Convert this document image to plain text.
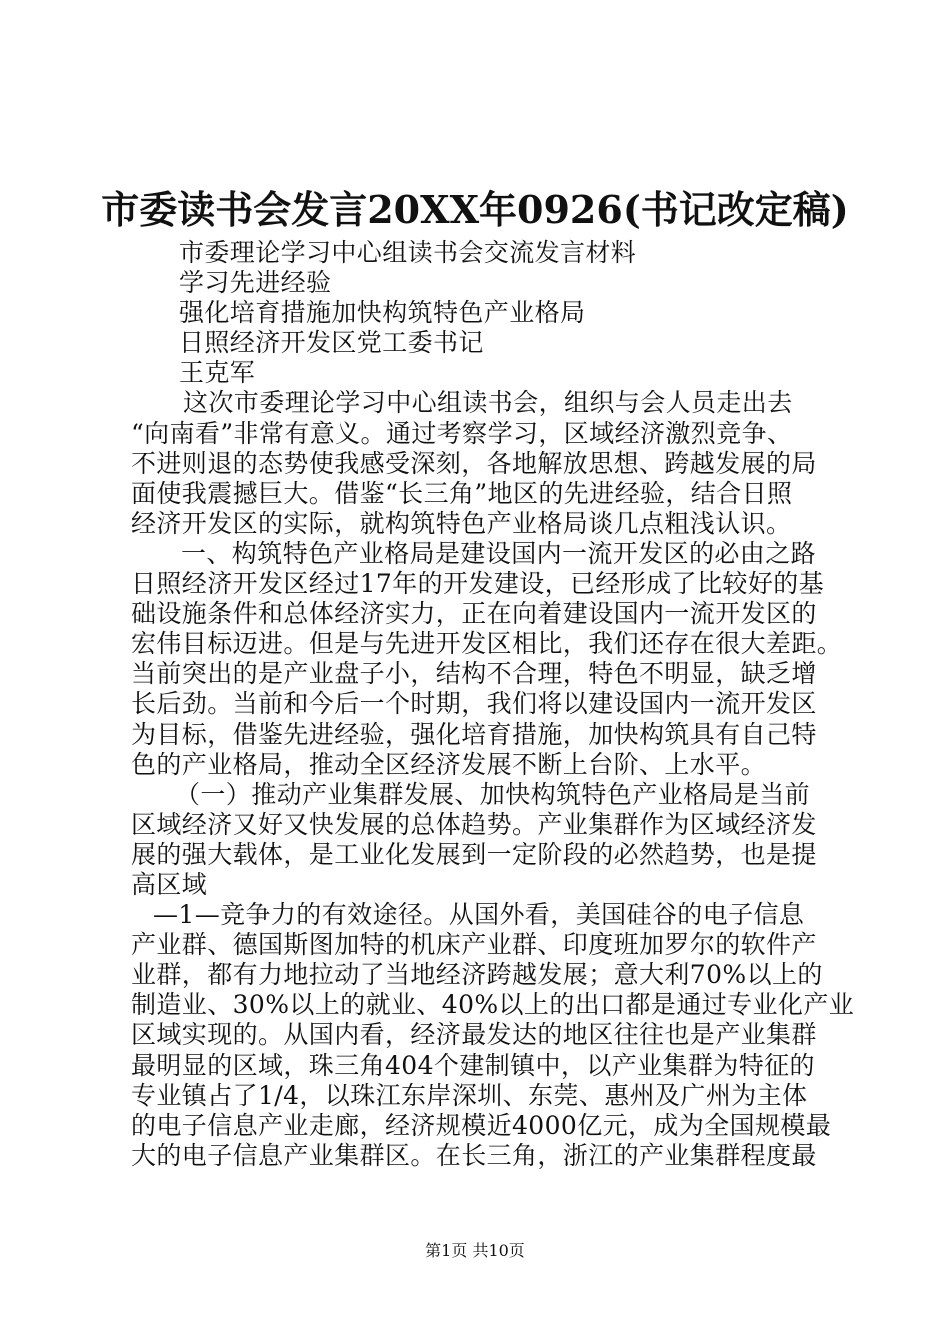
市委读书会发言20XX年0926(书记改定稿)
市委理论学习中心组读书会交流发言材料
学习先进经验
强化培育措施加快构筑特色产业格局
日照经济开发区党工委书记
王克军
这次市委理论学习中心组读书会，组织与会人员走出去
“向南看”非常有意义。通过考察学习，区域经济激烈竞争、
不进则退的态势使我感受深刻，各地解放思想、跨越发展的局
面使我震撼巨大。借鉴“长三角”地区的先进经验，结合日照
经济开发区的实际，就构筑特色产业格局谈几点粗浅认识。
一、构筑特色产业格局是建设国内一流开发区的必由之路
日照经济开发区经过17年的开发建设，已经形成了比较好的基
础设施条件和总体经济实力，正在向着建设国内一流开发区的
宏伟目标迈进。但是与先进开发区相比，我们还存在很大差距。
当前突出的是产业盘子小，结构不合理，特色不明显，缺乏增
长后劲。当前和今后一个时期，我们将以建设国内一流开发区
为目标，借鉴先进经验，强化培育措施，加快构筑具有自己特
色的产业格局，推动全区经济发展不断上台阶、上水平。
（一）推动产业集群发展、加快构筑特色产业格局是当前
区域经济又好又快发展的总体趋势。产业集群作为区域经济发
展的强大载体，是工业化发展到一定阶段的必然趋势，也是提
高区域
—1—竞争力的有效途径。从国外看，美国硅谷的电子信息
产业群、德国斯图加特的机床产业群、印度班加罗尔的软件产
业群，都有力地拉动了当地经济跨越发展；意大利70%以上的
制造业、30%以上的就业、40%以上的出口都是通过专业化产业
区域实现的。从国内看，经济最发达的地区往往也是产业集群
最明显的区域，珠三角404个建制镇中，以产业集群为特征的
专业镇占了1/4，以珠江东岸深圳、东莞、惠州及广州为主体
的电子信息产业走廊，经济规模近4000亿元，成为全国规模最
大的电子信息产业集群区。在长三角，浙江的产业集群程度最
第1页 共10页
